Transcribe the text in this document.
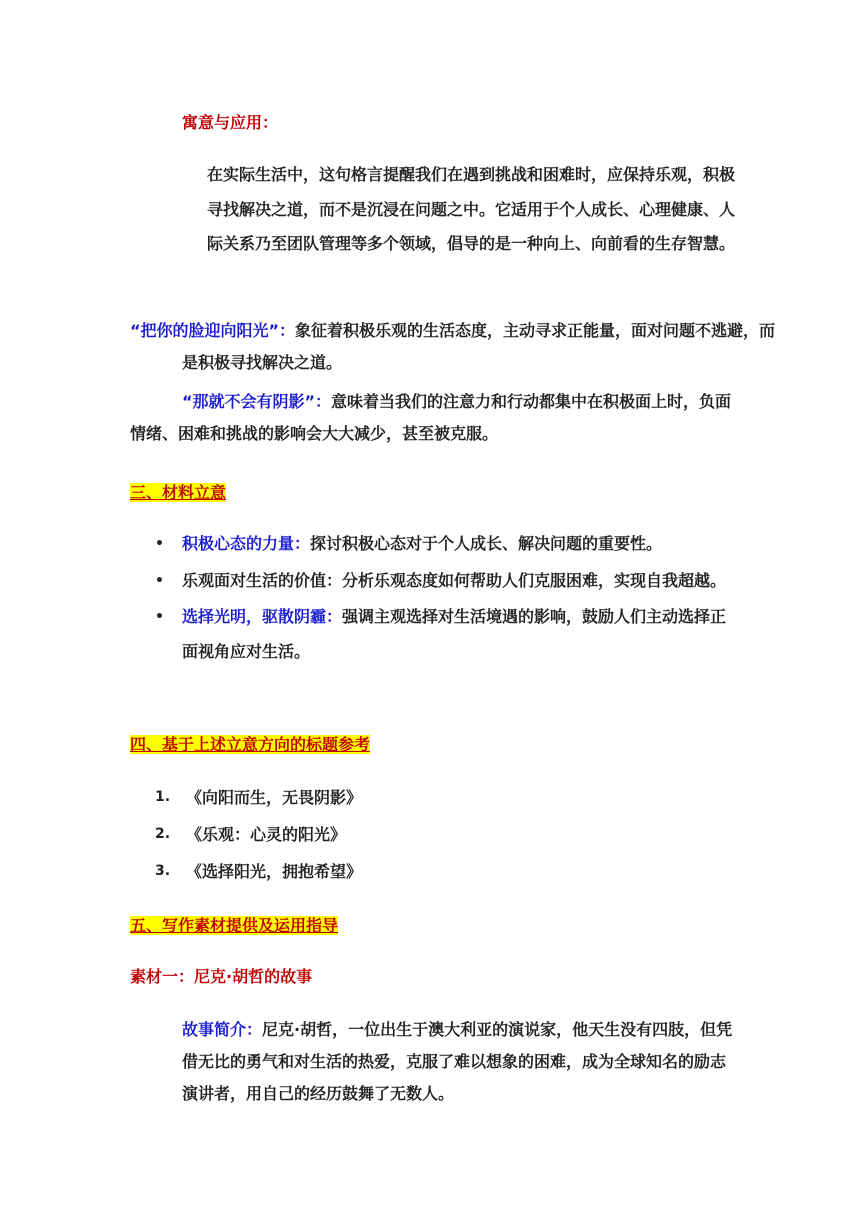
寓意与应用：

在实际生活中，这句格言提醒我们在遇到挑战和困难时，应保持乐观，积极寻找解决之道，而不是沉浸在问题之中。它适用于个人成长、心理健康、人际关系乃至团队管理等多个领域，倡导的是一种向上、向前看的生存智慧。

“把你的脸迎向阳光”：象征着积极乐观的生活态度，主动寻求正能量，面对问题不逃避，而是积极寻找解决之道。

“那就不会有阴影”：意味着当我们的注意力和行动都集中在积极面上时，负面情绪、困难和挑战的影响会大大减少，甚至被克服。

三、材料立意

• 积极心态的力量：探讨积极心态对于个人成长、解决问题的重要性。
• 乐观面对生活的价值：分析乐观态度如何帮助人们克服困难，实现自我超越。
• 选择光明，驱散阴霾：强调主观选择对生活境遇的影响，鼓励人们主动选择正面视角应对生活。

四、基于上述立意方向的标题参考

1. 《向阳而生，无畏阴影》
2. 《乐观：心灵的阳光》
3. 《选择阳光，拥抱希望》

五、写作素材提供及运用指导

素材一：尼克·胡哲的故事

故事简介：尼克·胡哲，一位出生于澳大利亚的演说家，他天生没有四肢，但凭借无比的勇气和对生活的热爱，克服了难以想象的困难，成为全球知名的励志演讲者，用自己的经历鼓舞了无数人。
